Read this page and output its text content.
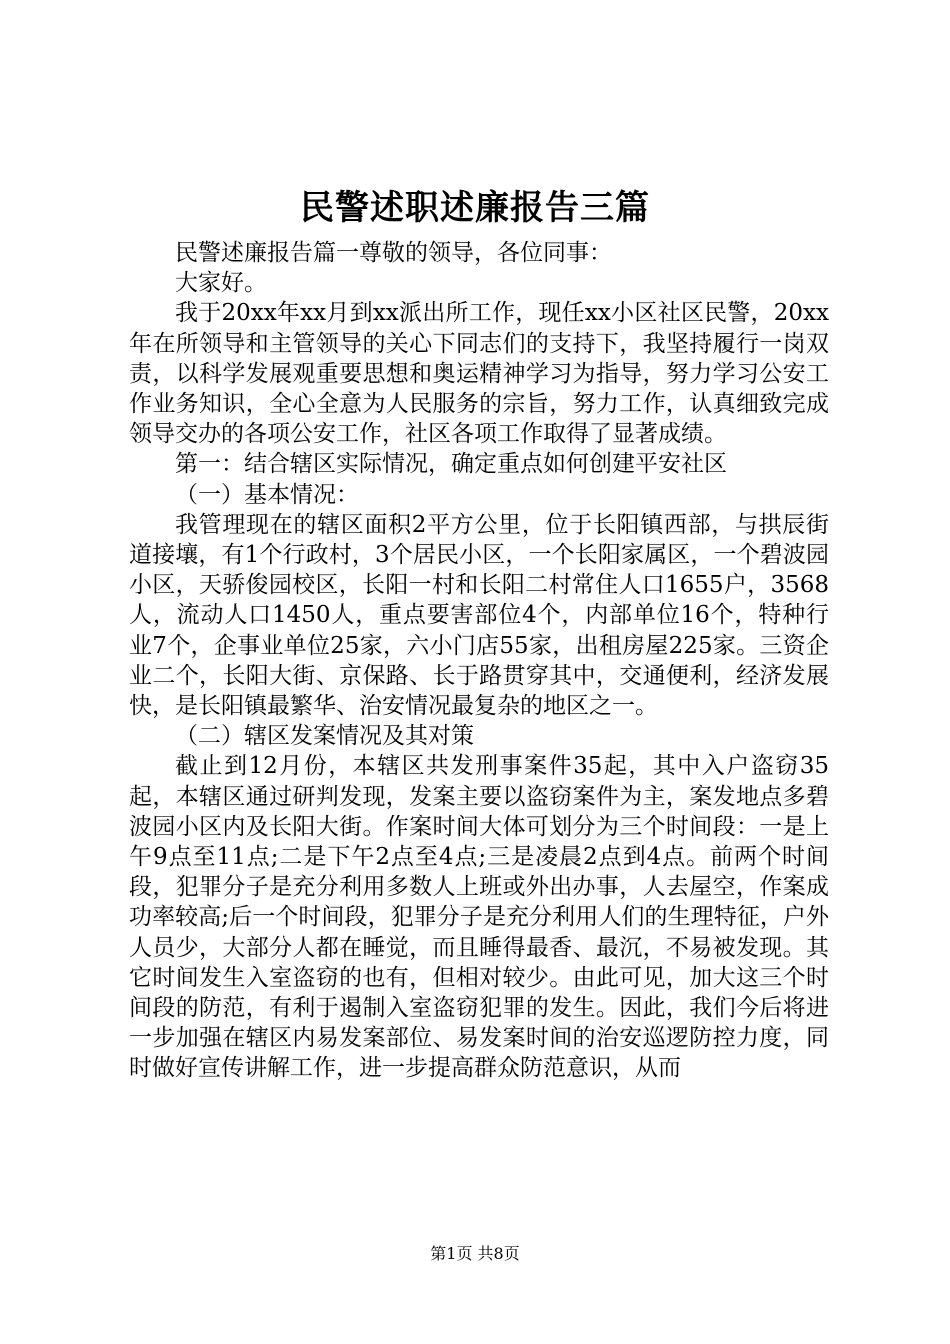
民警述职述廉报告三篇

民警述廉报告篇一尊敬的领导，各位同事：

大家好。

我于20xx年xx月到xx派出所工作，现任xx小区社区民警，20xx年在所领导和主管领导的关心下同志们的支持下，我坚持履行一岗双责，以科学发展观重要思想和奥运精神学习为指导，努力学习公安工作业务知识，全心全意为人民服务的宗旨，努力工作，认真细致完成领导交办的各项公安工作，社区各项工作取得了显著成绩。

第一：结合辖区实际情况，确定重点如何创建平安社区

（一）基本情况：

我管理现在的辖区面积2平方公里，位于长阳镇西部，与拱辰街道接壤，有1个行政村，3个居民小区，一个长阳家属区，一个碧波园小区，天骄俊园校区，长阳一村和长阳二村常住人口1655户，3568人，流动人口1450人，重点要害部位4个，内部单位16个，特种行业7个，企事业单位25家，六小门店55家，出租房屋225家。三资企业二个，长阳大街、京保路、长于路贯穿其中，交通便利，经济发展快，是长阳镇最繁华、治安情况最复杂的地区之一。

（二）辖区发案情况及其对策

截止到12月份，本辖区共发刑事案件35起，其中入户盗窃35起，本辖区通过研判发现，发案主要以盗窃案件为主，案发地点多碧波园小区内及长阳大街。作案时间大体可划分为三个时间段：一是上午9点至11点;二是下午2点至4点;三是凌晨2点到4点。前两个时间段，犯罪分子是充分利用多数人上班或外出办事，人去屋空，作案成功率较高;后一个时间段，犯罪分子是充分利用人们的生理特征，户外人员少，大部分人都在睡觉，而且睡得最香、最沉，不易被发现。其它时间发生入室盗窃的也有，但相对较少。由此可见，加大这三个时间段的防范，有利于遏制入室盗窃犯罪的发生。因此，我们今后将进一步加强在辖区内易发案部位、易发案时间的治安巡逻防控力度，同时做好宣传讲解工作，进一步提高群众防范意识，从而

第1页 共8页
